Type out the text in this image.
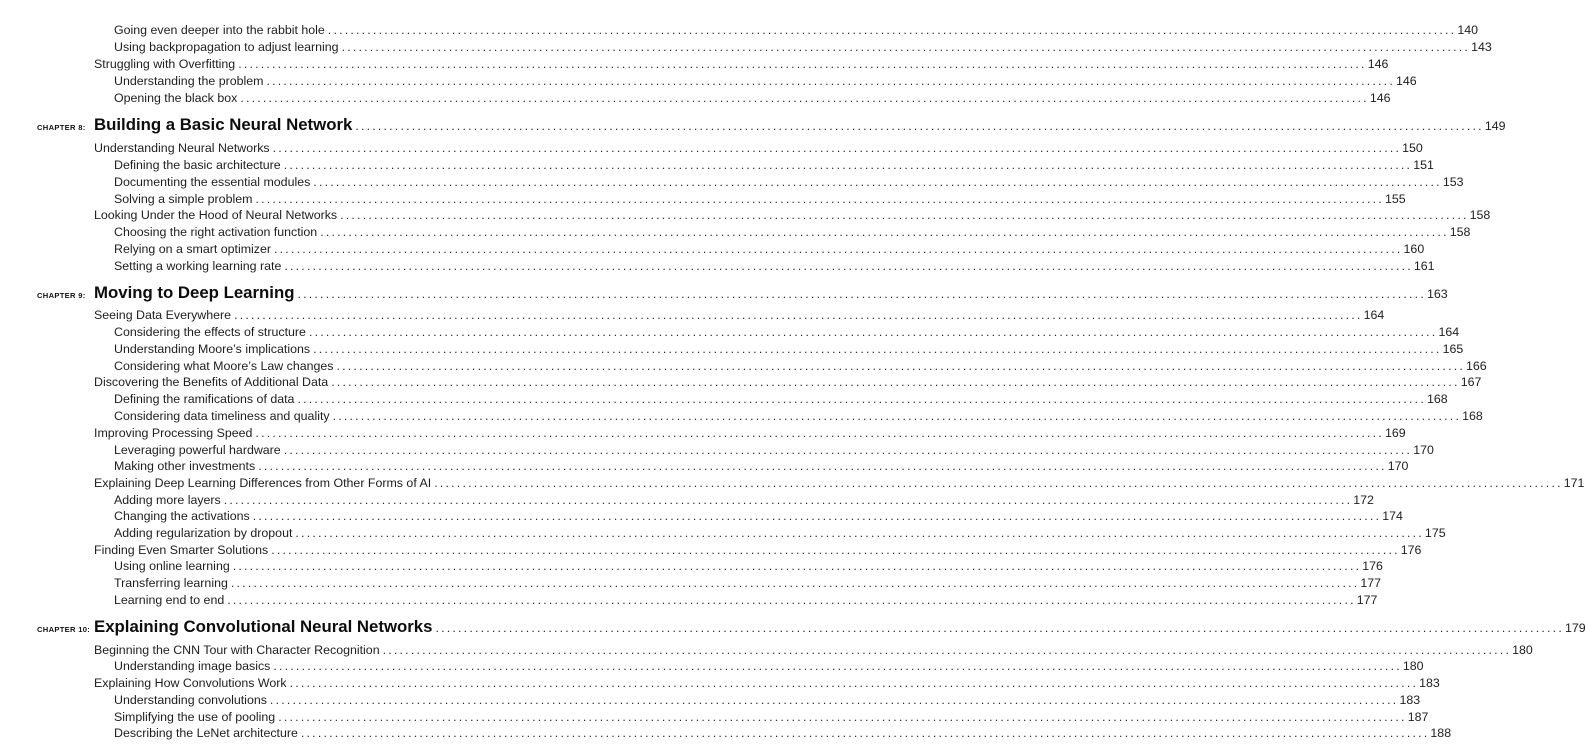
Going even deeper into the rabbit hole ........................................................................................................................................................................................................ 140
Using backpropagation to adjust learning ........................................................................................................................................................................................................ 143
Struggling with Overfitting ........................................................................................................................................................................................................ 146
Understanding the problem ........................................................................................................................................................................................................ 146
Opening the black box ........................................................................................................................................................................................................ 146
CHAPTER 8: Building a Basic Neural Network ........................................................................................................................................................................................................ 149
Understanding Neural Networks ........................................................................................................................................................................................................ 150
Defining the basic architecture ........................................................................................................................................................................................................ 151
Documenting the essential modules ........................................................................................................................................................................................................ 153
Solving a simple problem ........................................................................................................................................................................................................ 155
Looking Under the Hood of Neural Networks ........................................................................................................................................................................................................ 158
Choosing the right activation function ........................................................................................................................................................................................................ 158
Relying on a smart optimizer ........................................................................................................................................................................................................ 160
Setting a working learning rate ........................................................................................................................................................................................................ 161
CHAPTER 9: Moving to Deep Learning ........................................................................................................................................................................................................ 163
Seeing Data Everywhere ........................................................................................................................................................................................................ 164
Considering the effects of structure ........................................................................................................................................................................................................ 164
Understanding Moore’s implications ........................................................................................................................................................................................................ 165
Considering what Moore’s Law changes ........................................................................................................................................................................................................ 166
Discovering the Benefits of Additional Data ........................................................................................................................................................................................................ 167
Defining the ramifications of data ........................................................................................................................................................................................................ 168
Considering data timeliness and quality ........................................................................................................................................................................................................ 168
Improving Processing Speed ........................................................................................................................................................................................................ 169
Leveraging powerful hardware ........................................................................................................................................................................................................ 170
Making other investments ........................................................................................................................................................................................................ 170
Explaining Deep Learning Differences from Other Forms of AI ........................................................................................................................................................................................................ 171
Adding more layers ........................................................................................................................................................................................................ 172
Changing the activations ........................................................................................................................................................................................................ 174
Adding regularization by dropout ........................................................................................................................................................................................................ 175
Finding Even Smarter Solutions ........................................................................................................................................................................................................ 176
Using online learning ........................................................................................................................................................................................................ 176
Transferring learning ........................................................................................................................................................................................................ 177
Learning end to end ........................................................................................................................................................................................................ 177
CHAPTER 10: Explaining Convolutional Neural Networks ........................................................................................................................................................................................................ 179
Beginning the CNN Tour with Character Recognition ........................................................................................................................................................................................................ 180
Understanding image basics ........................................................................................................................................................................................................ 180
Explaining How Convolutions Work ........................................................................................................................................................................................................ 183
Understanding convolutions ........................................................................................................................................................................................................ 183
Simplifying the use of pooling ........................................................................................................................................................................................................ 187
Describing the LeNet architecture ........................................................................................................................................................................................................ 188
